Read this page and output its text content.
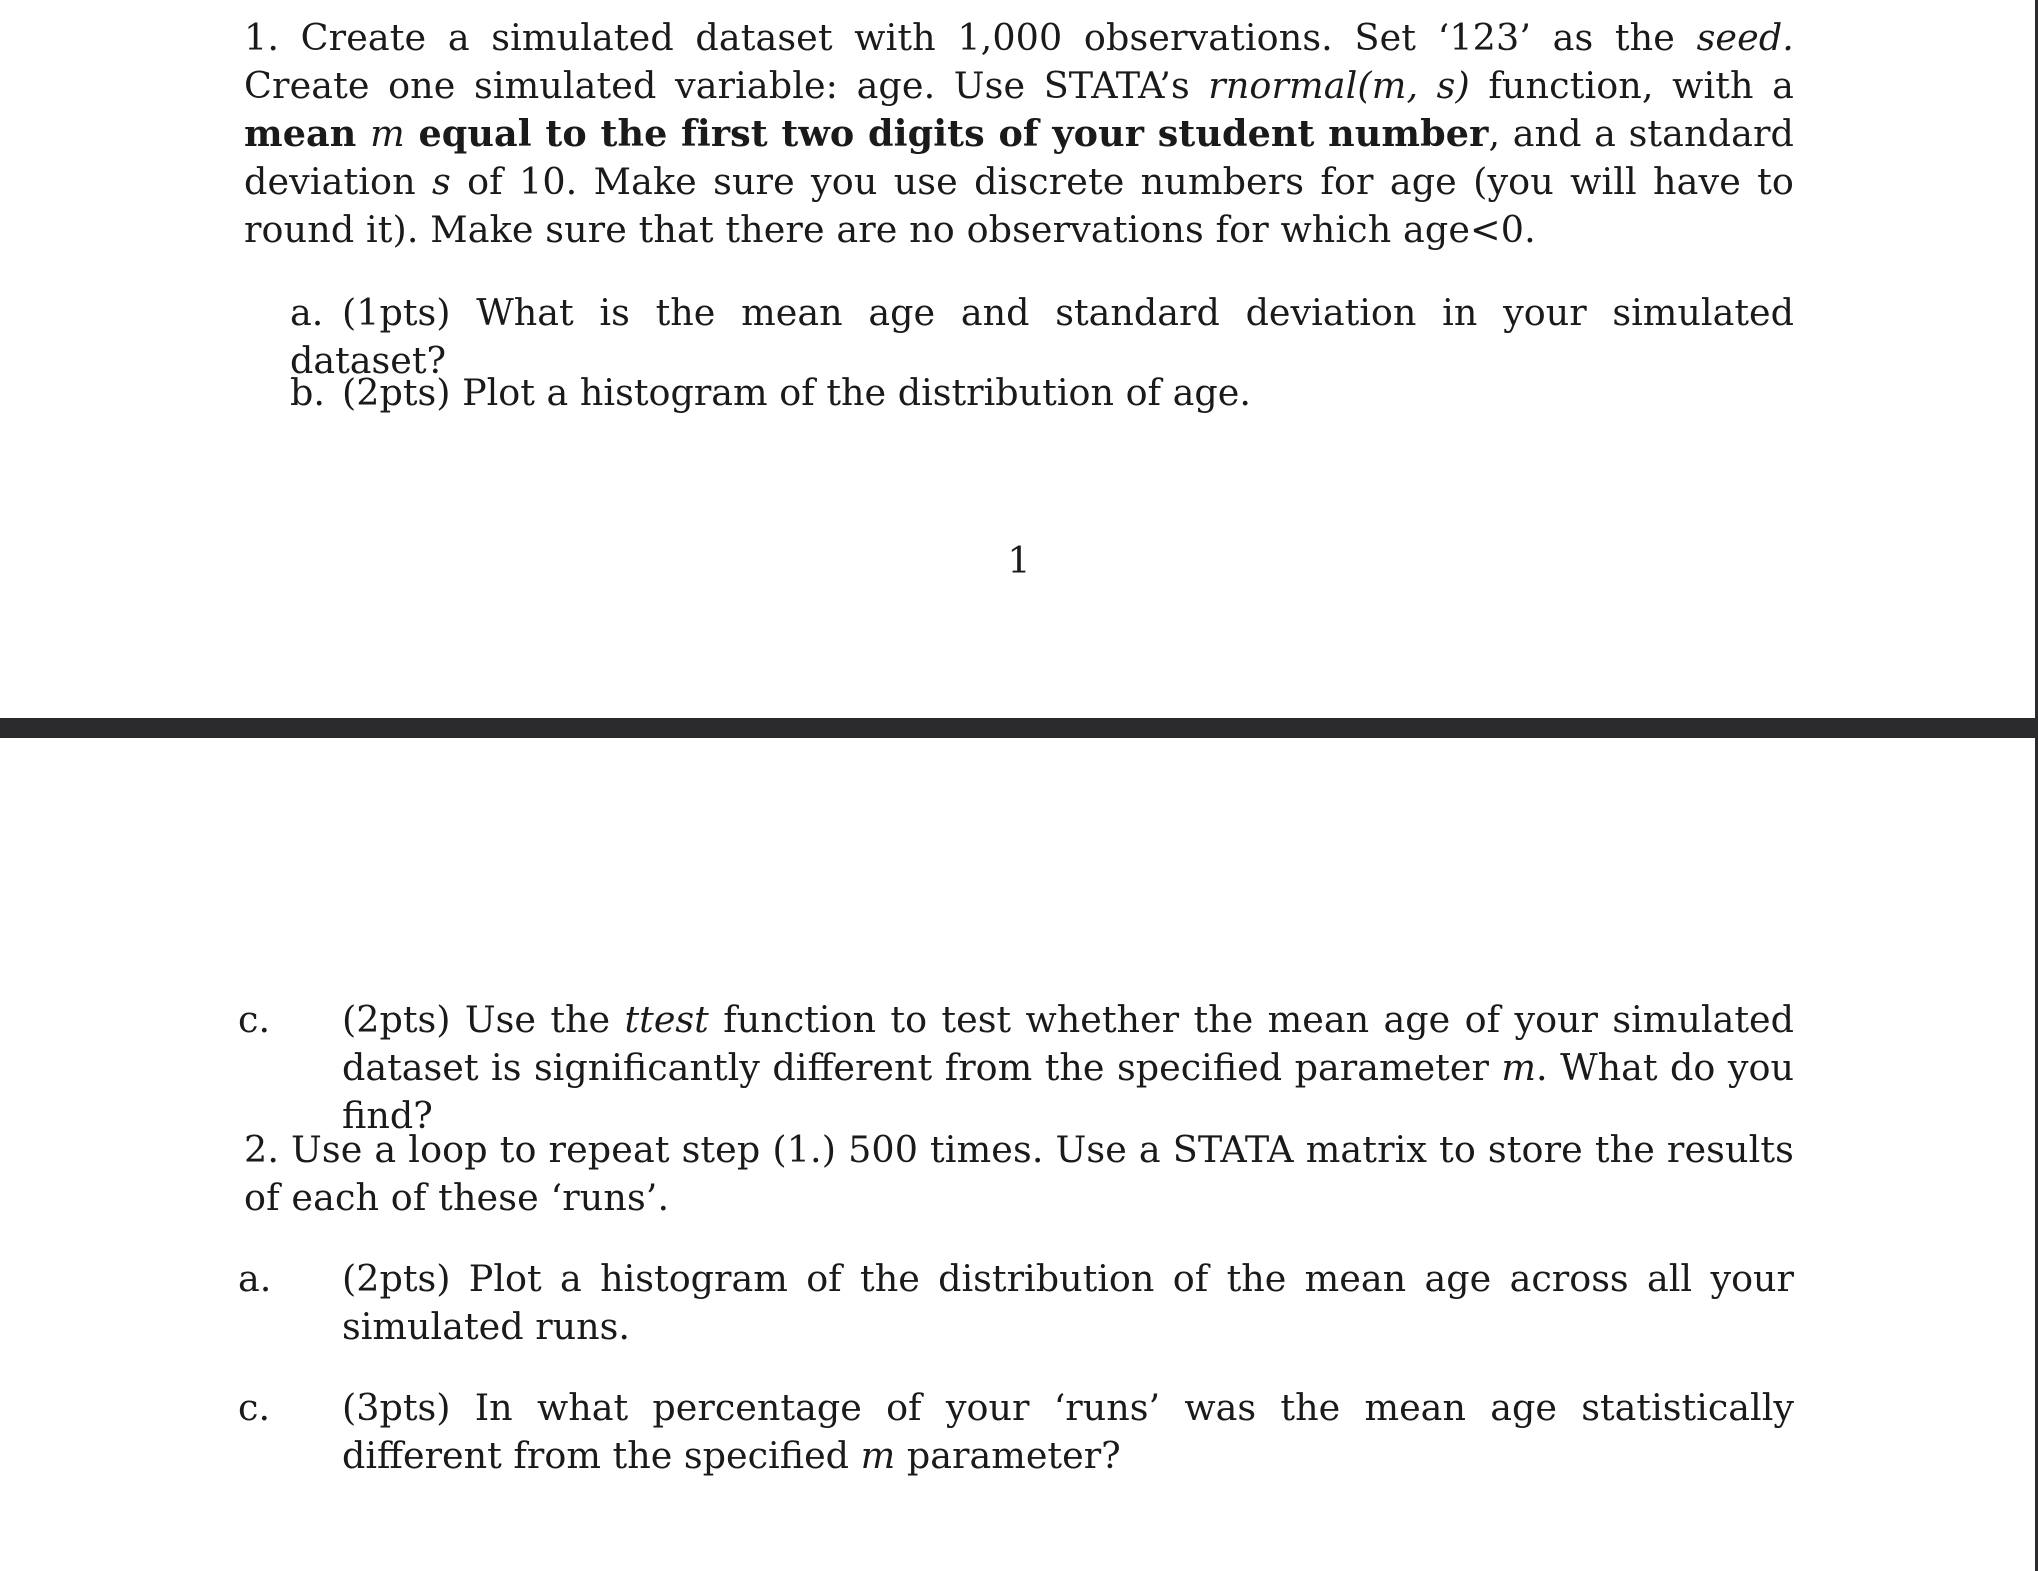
1. Create a simulated dataset with 1,000 observations. Set ‘123’ as the seed. Create one simulated variable: age. Use STATA’s rnormal(m, s) function, with a mean m equal to the first two digits of your student number, and a standard deviation s of 10. Make sure you use discrete numbers for age (you will have to round it). Make sure that there are no observations for which age<0.

a. (1pts) What is the mean age and standard deviation in your simulated dataset?

b. (2pts) Plot a histogram of the distribution of age.

1

c. (2pts) Use the ttest function to test whether the mean age of your simulated dataset is significantly different from the specified parameter m. What do you find?

2. Use a loop to repeat step (1.) 500 times. Use a STATA matrix to store the results of each of these ‘runs’.

a. (2pts) Plot a histogram of the distribution of the mean age across all your simulated runs.

c. (3pts) In what percentage of your ‘runs’ was the mean age statistically different from the specified m parameter?
